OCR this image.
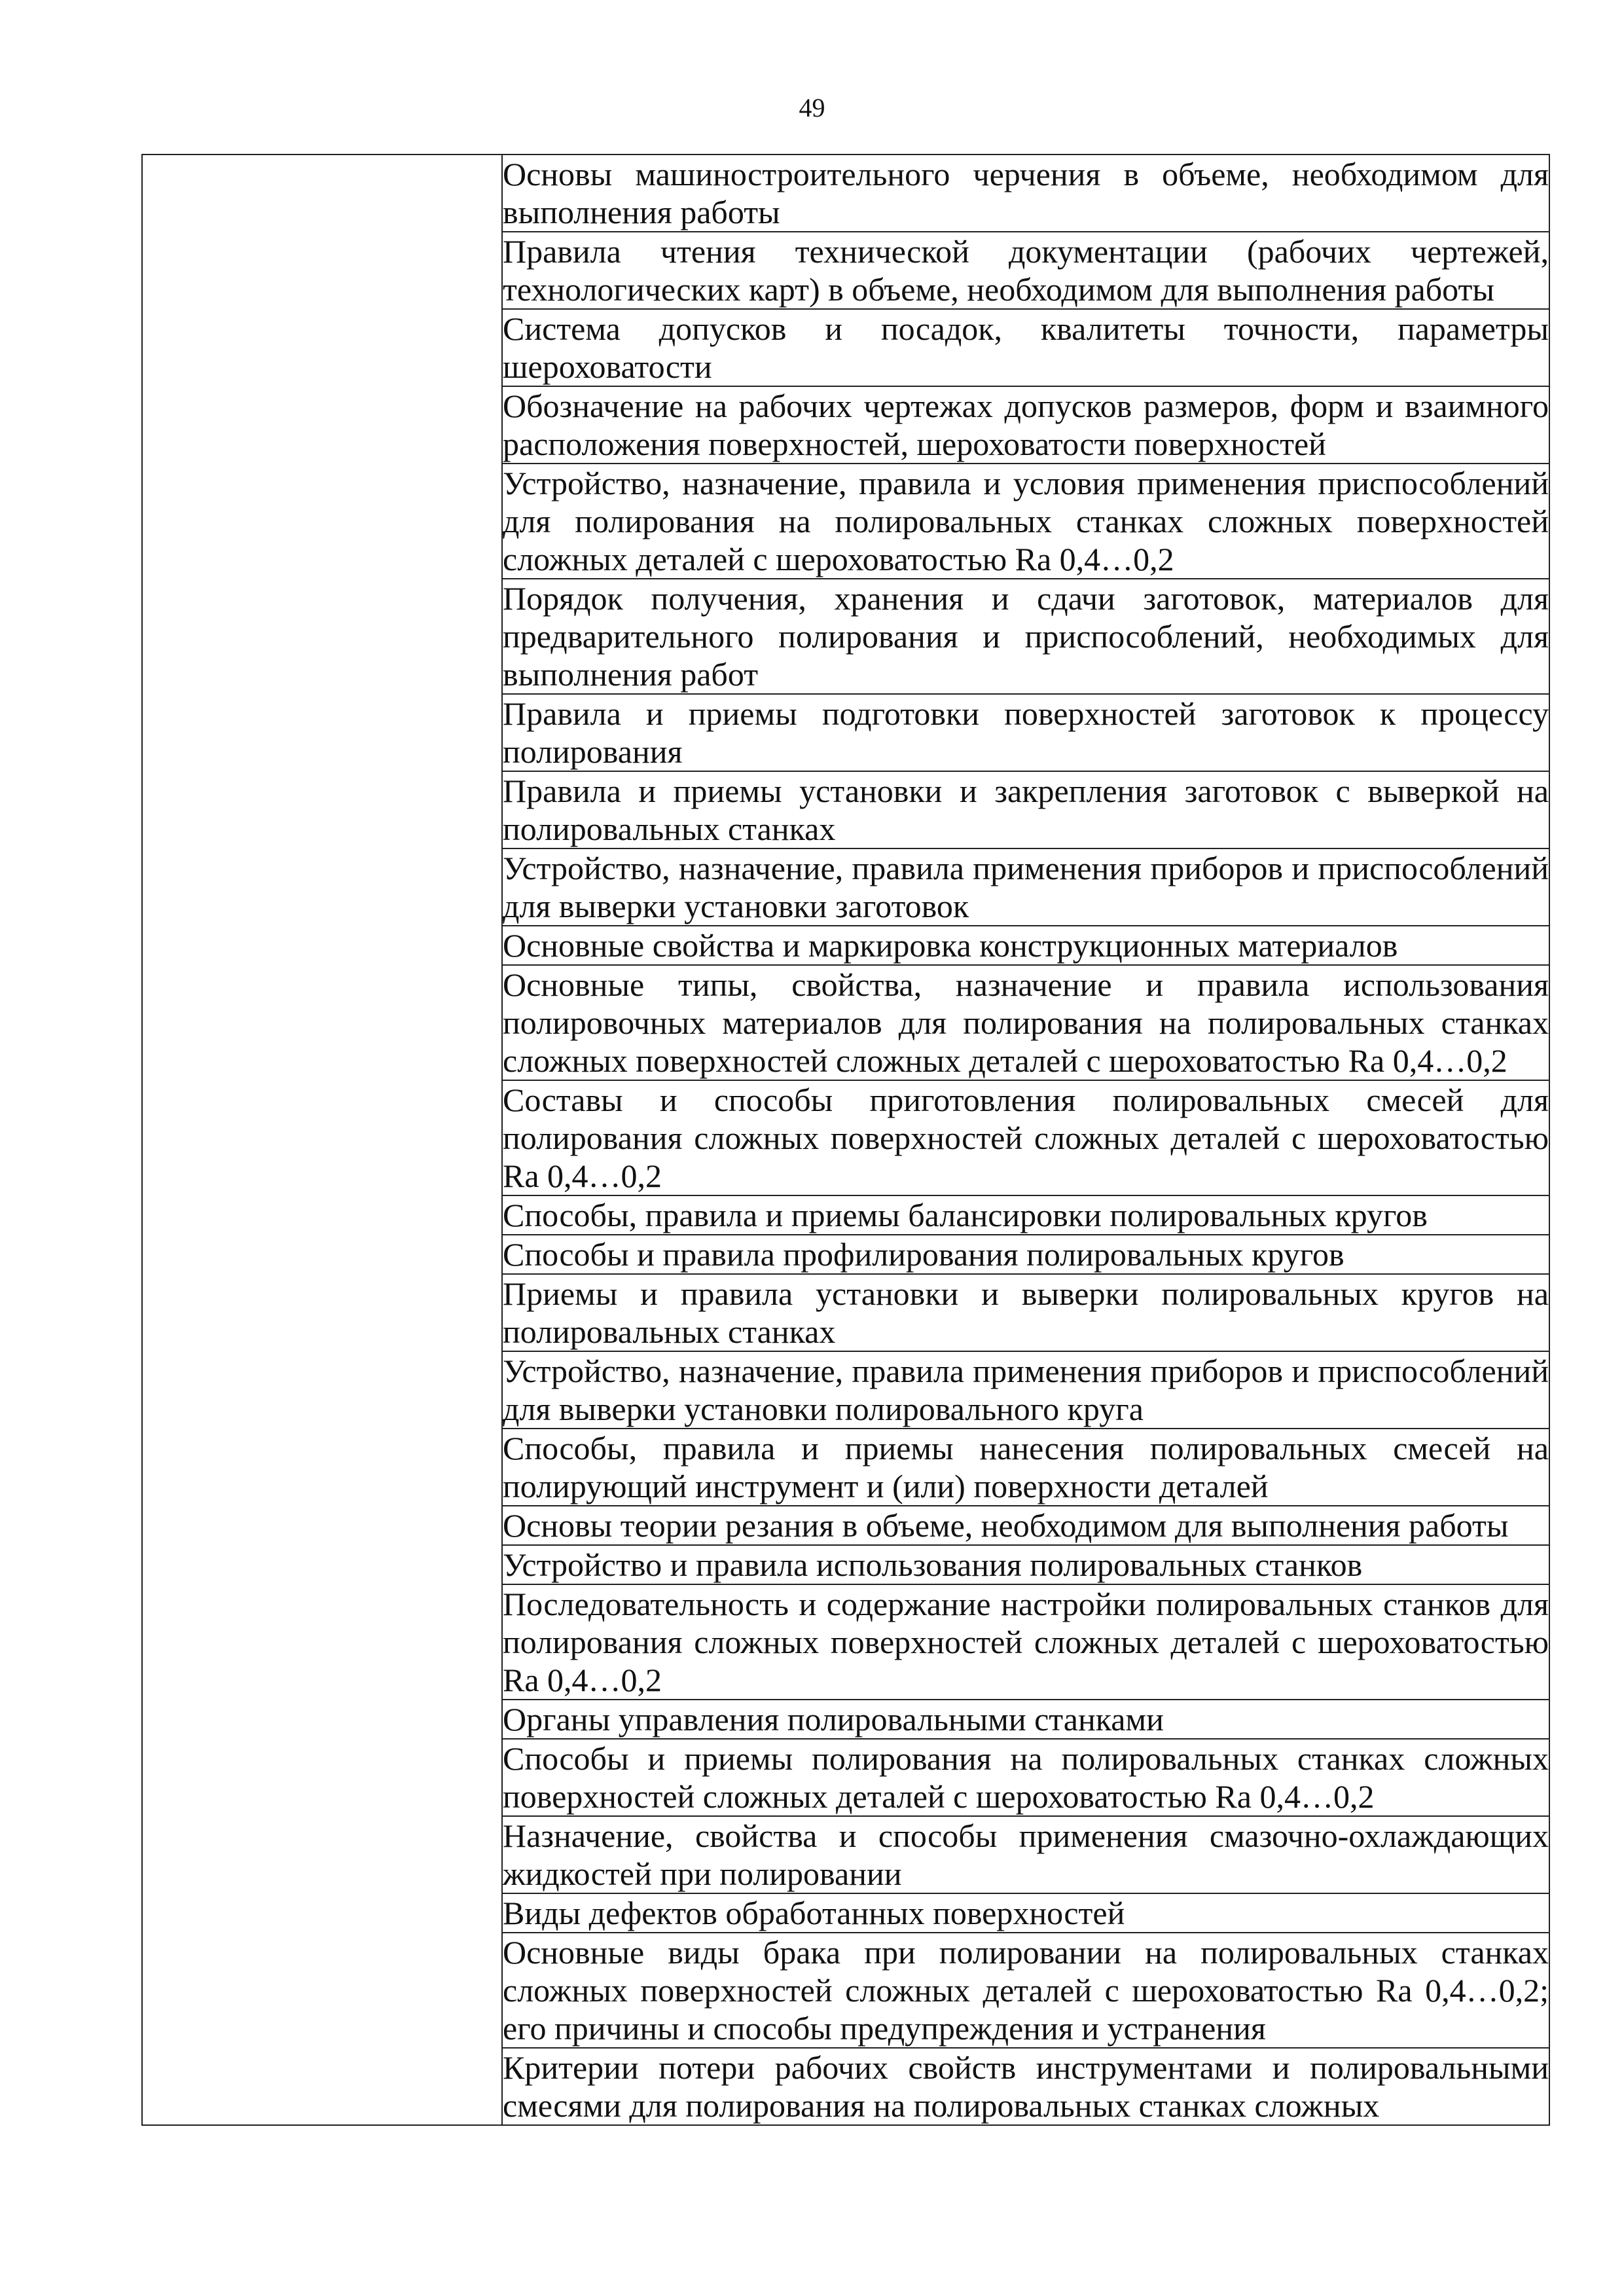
49
	Основы машиностроительного черчения в объеме, необходимом для выполнения работы
Правила чтения технической документации (рабочих чертежей, технологических карт) в объеме, необходимом для выполнения работы
Система допусков и посадок, квалитеты точности, параметры шероховатости
Обозначение на рабочих чертежах допусков размеров, форм и взаимного расположения поверхностей, шероховатости поверхностей
Устройство, назначение, правила и условия применения приспособлений для полирования на полировальных станках сложных поверхностей сложных деталей с шероховатостью Ra 0,4…0,2
Порядок получения, хранения и сдачи заготовок, материалов для предварительного полирования и приспособлений, необходимых для выполнения работ
Правила и приемы подготовки поверхностей заготовок к процессу полирования
Правила и приемы установки и закрепления заготовок с выверкой на полировальных станках
Устройство, назначение, правила применения приборов и приспособлений для выверки установки заготовок
Основные свойства и маркировка конструкционных материалов
Основные типы, свойства, назначение и правила использования полировочных материалов для полирования на полировальных станках сложных поверхностей сложных деталей с шероховатостью Ra 0,4…0,2
Составы и способы приготовления полировальных смесей для полирования сложных поверхностей сложных деталей с шероховатостью Ra 0,4…0,2
Способы, правила и приемы балансировки полировальных кругов
Способы и правила профилирования полировальных кругов
Приемы и правила установки и выверки полировальных кругов на полировальных станках
Устройство, назначение, правила применения приборов и приспособлений для выверки установки полировального круга
Способы, правила и приемы нанесения полировальных смесей на полирующий инструмент и (или) поверхности деталей
Основы теории резания в объеме, необходимом для выполнения работы
Устройство и правила использования полировальных станков
Последовательность и содержание настройки полировальных станков для полирования сложных поверхностей сложных деталей с шероховатостью Ra 0,4…0,2
Органы управления полировальными станками
Способы и приемы полирования на полировальных станках сложных поверхностей сложных деталей с шероховатостью Ra 0,4…0,2
Назначение, свойства и способы применения смазочно-охлаждающих жидкостей при полировании
Виды дефектов обработанных поверхностей
Основные виды брака при полировании на полировальных станках сложных поверхностей сложных деталей с шероховатостью Ra 0,4…0,2; его причины и способы предупреждения и устранения
Критерии потери рабочих свойств инструментами и полировальными смесями для полирования на полировальных станках сложных
